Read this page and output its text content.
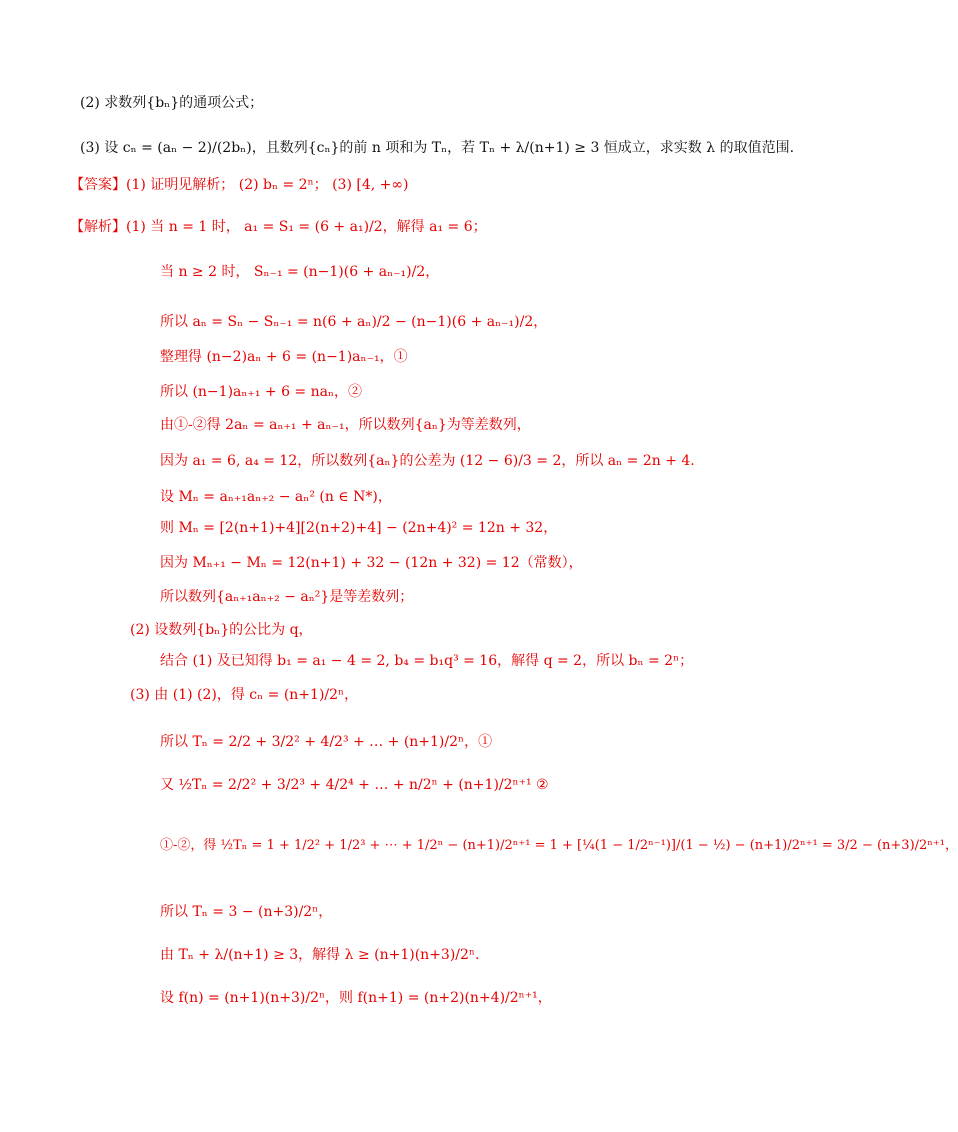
(2) 求数列{bₙ}的通项公式；
(3) 设 cₙ = (aₙ − 2)/(2bₙ)，且数列{cₙ}的前 n 项和为 Tₙ，若 Tₙ + λ/(n+1) ≥ 3 恒成立，求实数 λ 的取值范围.
【答案】(1) 证明见解析； (2) bₙ = 2ⁿ； (3) [4, +∞)
【解析】(1) 当 n = 1 时， a₁ = S₁ = (6 + a₁)/2，解得 a₁ = 6；
当 n ≥ 2 时， Sₙ₋₁ = (n−1)(6 + aₙ₋₁)/2，
所以 aₙ = Sₙ − Sₙ₋₁ = n(6 + aₙ)/2 − (n−1)(6 + aₙ₋₁)/2，
整理得 (n−2)aₙ + 6 = (n−1)aₙ₋₁，①
所以 (n−1)aₙ₊₁ + 6 = naₙ，②
由①-②得 2aₙ = aₙ₊₁ + aₙ₋₁，所以数列{aₙ}为等差数列，
因为 a₁ = 6, a₄ = 12，所以数列{aₙ}的公差为 (12 − 6)/3 = 2，所以 aₙ = 2n + 4.
设 Mₙ = aₙ₊₁aₙ₊₂ − aₙ² (n ∈ N*)，
则 Mₙ = [2(n+1)+4][2(n+2)+4] − (2n+4)² = 12n + 32，
因为 Mₙ₊₁ − Mₙ = 12(n+1) + 32 − (12n + 32) = 12（常数），
所以数列{aₙ₊₁aₙ₊₂ − aₙ²}是等差数列；
(2) 设数列{bₙ}的公比为 q，
结合 (1) 及已知得 b₁ = a₁ − 4 = 2, b₄ = b₁q³ = 16，解得 q = 2，所以 bₙ = 2ⁿ；
(3) 由 (1) (2)，得 cₙ = (n+1)/2ⁿ，
所以 Tₙ = 2/2 + 3/2² + 4/2³ + … + (n+1)/2ⁿ，①
又 ½Tₙ = 2/2² + 3/2³ + 4/2⁴ + … + n/2ⁿ + (n+1)/2ⁿ⁺¹ ②
①-②，得 ½Tₙ = 1 + 1/2² + 1/2³ + ⋯ + 1/2ⁿ − (n+1)/2ⁿ⁺¹ = 1 + [¼(1 − 1/2ⁿ⁻¹)]/(1 − ½) − (n+1)/2ⁿ⁺¹ = 3/2 − (n+3)/2ⁿ⁺¹，
所以 Tₙ = 3 − (n+3)/2ⁿ，
由 Tₙ + λ/(n+1) ≥ 3，解得 λ ≥ (n+1)(n+3)/2ⁿ.
设 f(n) = (n+1)(n+3)/2ⁿ，则 f(n+1) = (n+2)(n+4)/2ⁿ⁺¹，
